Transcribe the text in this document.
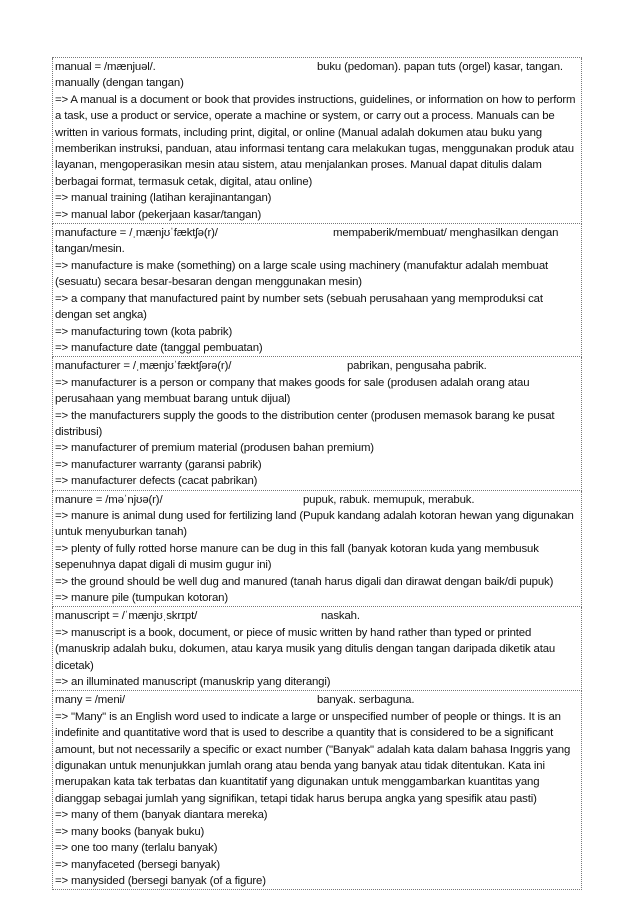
manual = /mænjuəl/.	buku (pedoman). papan tuts (orgel) kasar, tangan.
manually (dengan tangan)
=> A manual is a document or book that provides instructions, guidelines, or information on how to perform a task, use a product or service, operate a machine or system, or carry out a process. Manuals can be written in various formats, including print, digital, or online (Manual adalah dokumen atau buku yang memberikan instruksi, panduan, atau informasi tentang cara melakukan tugas, menggunakan produk atau layanan, mengoperasikan mesin atau sistem, atau menjalankan proses. Manual dapat ditulis dalam berbagai format, termasuk cetak, digital, atau online)
=> manual training (latihan kerajinantangan)
=> manual labor (pekerjaan kasar/tangan)
manufacture = /ˌmænjʊˈfæktʃə(r)/	mempaberik/membuat/ menghasilkan dengan
tangan/mesin.
=> manufacture is make (something) on a large scale using machinery (manufaktur adalah membuat (sesuatu) secara besar-besaran dengan menggunakan mesin)
=> a company that manufactured paint by number sets (sebuah perusahaan yang memproduksi cat dengan set angka)
=> manufacturing town (kota pabrik)
=> manufacture date (tanggal pembuatan)
manufacturer = /ˌmænjʊˈfæktʃərə(r)/	pabrikan, pengusaha pabrik.
=> manufacturer is a person or company that makes goods for sale (produsen adalah orang atau perusahaan yang membuat barang untuk dijual)
=> the manufacturers supply the goods to the distribution center (produsen memasok barang ke pusat distribusi)
=> manufacturer of premium material (produsen bahan premium)
=> manufacturer warranty (garansi pabrik)
=> manufacturer defects (cacat pabrikan)
manure = /məˈnjʊə(r)/	pupuk, rabuk. memupuk, merabuk.
=> manure is animal dung used for fertilizing land (Pupuk kandang adalah kotoran hewan yang digunakan untuk menyuburkan tanah)
=> plenty of fully rotted horse manure can be dug in this fall (banyak kotoran kuda yang membusuk sepenuhnya dapat digali di musim gugur ini)
=> the ground should be well dug and manured (tanah harus digali dan dirawat dengan baik/di pupuk)
=> manure pile (tumpukan kotoran)
manuscript = /ˈmænjʊˌskrɪpt/	naskah.
=> manuscript is a book, document, or piece of music written by hand rather than typed or printed (manuskrip adalah buku, dokumen, atau karya musik yang ditulis dengan tangan daripada diketik atau dicetak)
=> an illuminated manuscript (manuskrip yang diterangi)
many = /meni/	banyak. serbaguna.
=> "Many" is an English word used to indicate a large or unspecified number of people or things. It is an indefinite and quantitative word that is used to describe a quantity that is considered to be a significant amount, but not necessarily a specific or exact number ("Banyak" adalah kata dalam bahasa Inggris yang digunakan untuk menunjukkan jumlah orang atau benda yang banyak atau tidak ditentukan. Kata ini merupakan kata tak terbatas dan kuantitatif yang digunakan untuk menggambarkan kuantitas yang dianggap sebagai jumlah yang signifikan, tetapi tidak harus berupa angka yang spesifik atau pasti)
=> many of them (banyak diantara mereka)
=> many books (banyak buku)
=> one too many (terlalu banyak)
=> manyfaceted (bersegi banyak)
=> manysided (bersegi banyak (of a figure)
